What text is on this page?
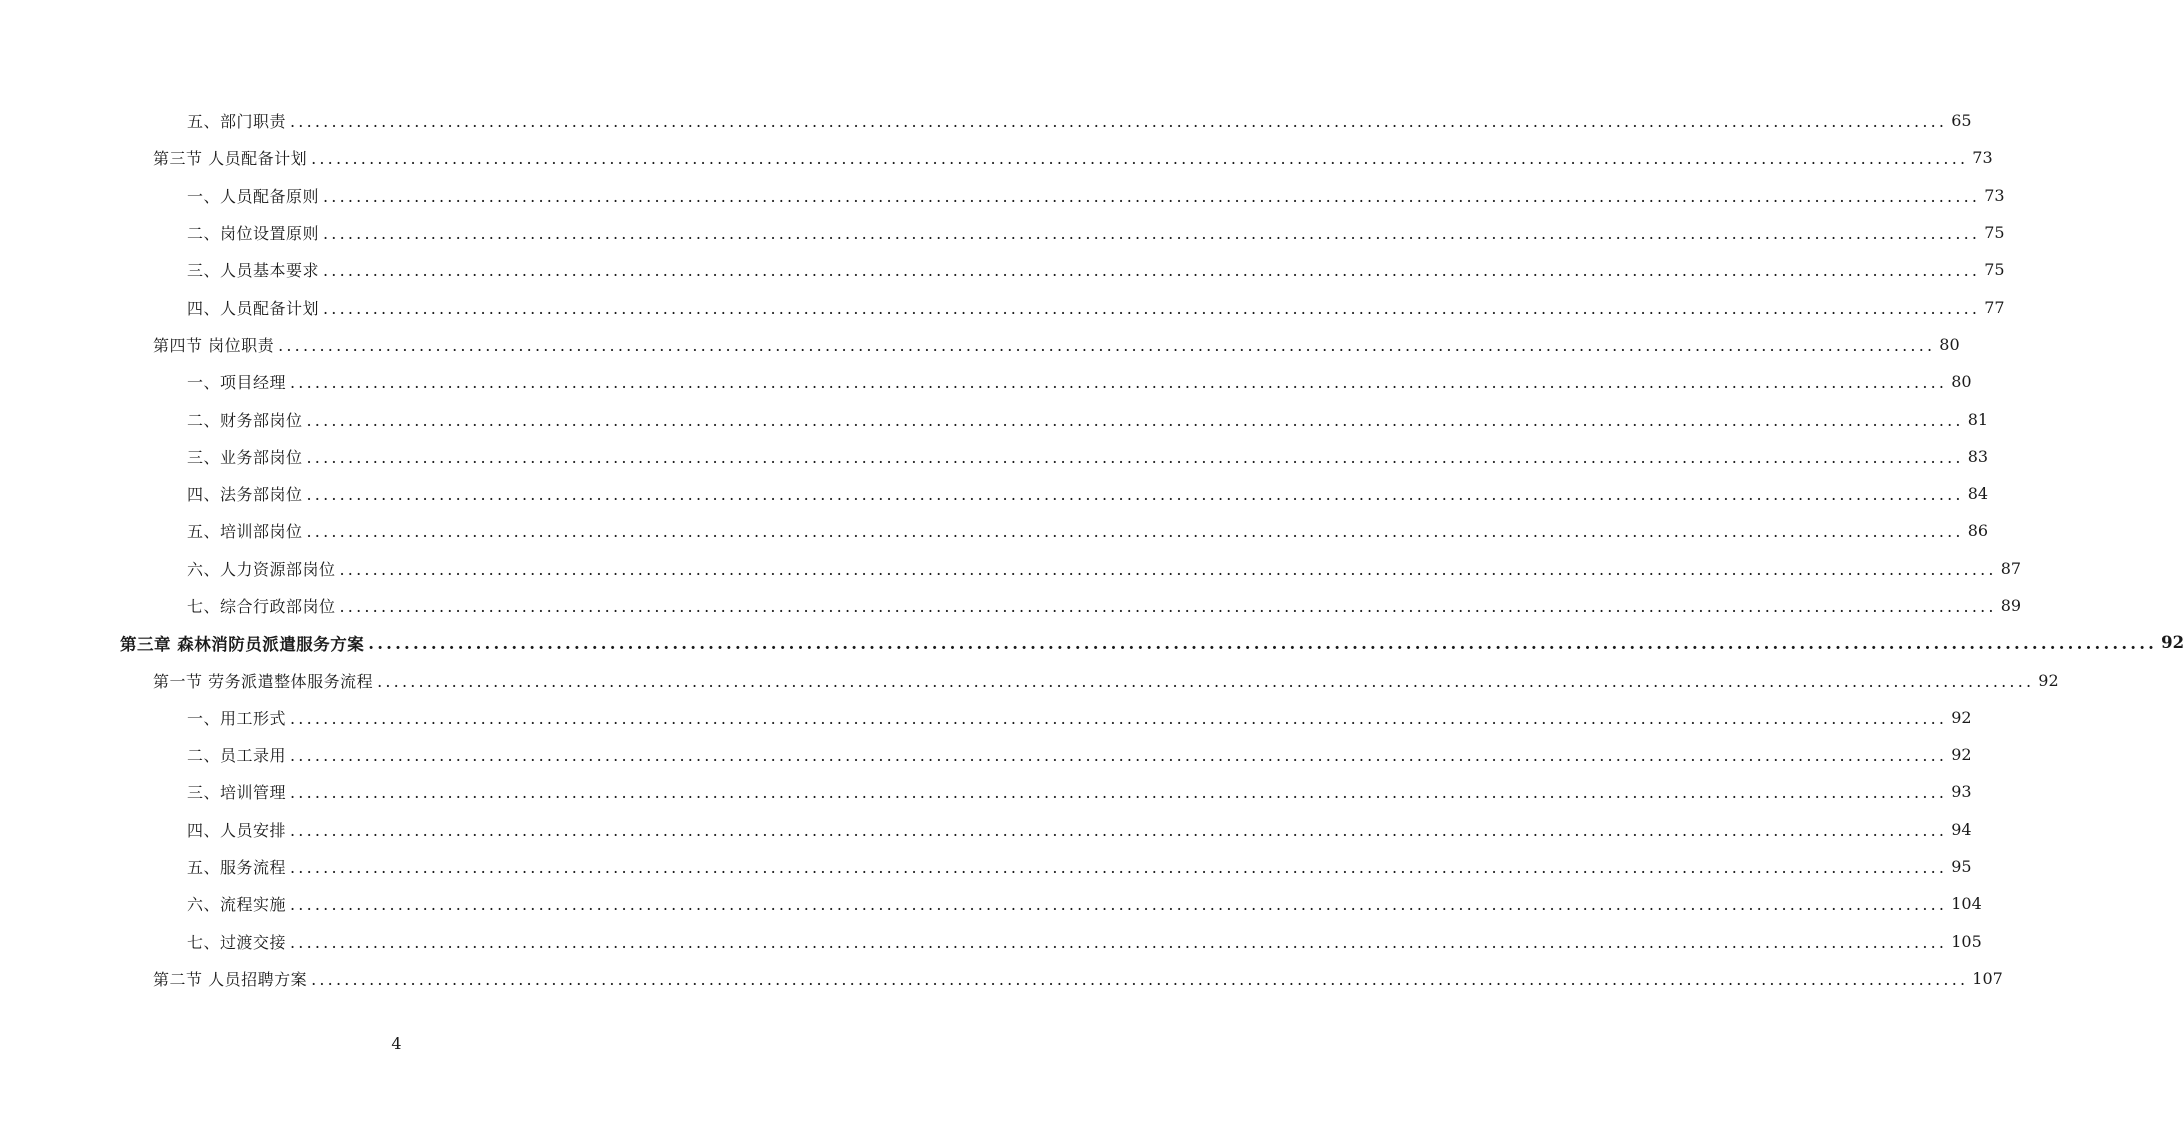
五、部门职责 ........................................................................................................................................................................................................ 65
第三节 人员配备计划 ........................................................................................................................................................................................................ 73
一、人员配备原则 ........................................................................................................................................................................................................ 73
二、岗位设置原则 ........................................................................................................................................................................................................ 75
三、人员基本要求 ........................................................................................................................................................................................................ 75
四、人员配备计划 ........................................................................................................................................................................................................ 77
第四节 岗位职责 ........................................................................................................................................................................................................ 80
一、项目经理 ........................................................................................................................................................................................................ 80
二、财务部岗位 ........................................................................................................................................................................................................ 81
三、业务部岗位 ........................................................................................................................................................................................................ 83
四、法务部岗位 ........................................................................................................................................................................................................ 84
五、培训部岗位 ........................................................................................................................................................................................................ 86
六、人力资源部岗位 ........................................................................................................................................................................................................ 87
七、综合行政部岗位 ........................................................................................................................................................................................................ 89
第三章 森林消防员派遣服务方案 ........................................................................................................................................................................................................ 92
第一节 劳务派遣整体服务流程 ........................................................................................................................................................................................................ 92
一、用工形式 ........................................................................................................................................................................................................ 92
二、员工录用 ........................................................................................................................................................................................................ 92
三、培训管理 ........................................................................................................................................................................................................ 93
四、人员安排 ........................................................................................................................................................................................................ 94
五、服务流程 ........................................................................................................................................................................................................ 95
六、流程实施 ........................................................................................................................................................................................................ 104
七、过渡交接 ........................................................................................................................................................................................................ 105
第二节 人员招聘方案 ........................................................................................................................................................................................................ 107
4
